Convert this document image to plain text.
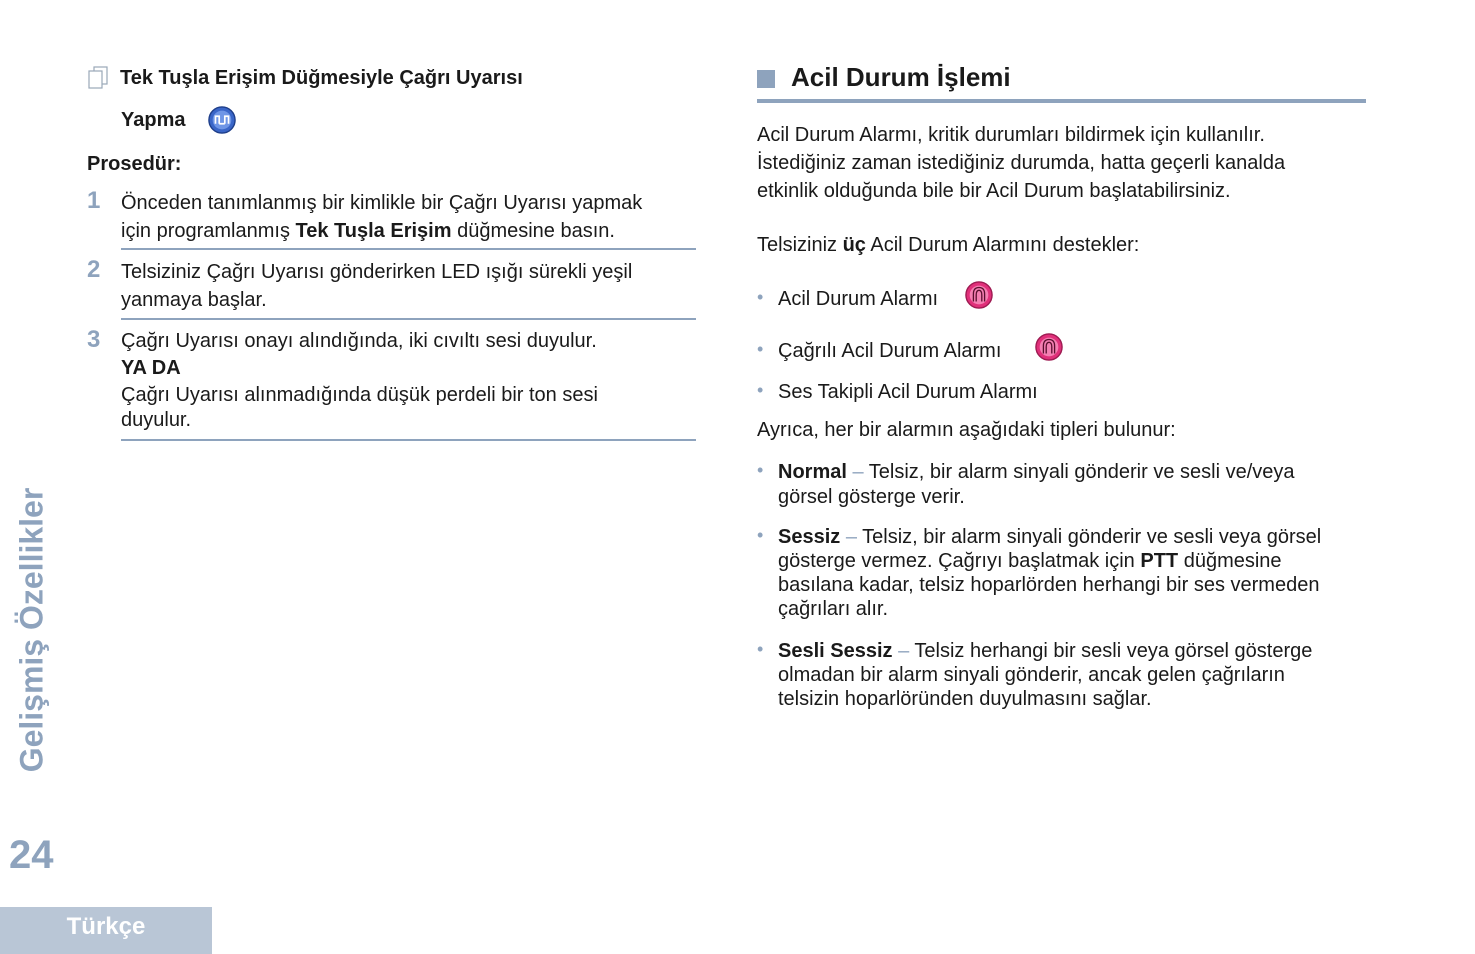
Tek Tuşla Erişim Düğmesiyle Çağrı Uyarısı
Yapma
Prosedür:
1 Önceden tanımlanmış bir kimlikle bir Çağrı Uyarısı yapmak
için programlanmış Tek Tuşla Erişim düğmesine basın.
2 Telsiziniz Çağrı Uyarısı gönderirken LED ışığı sürekli yeşil
yanmaya başlar.
3 Çağrı Uyarısı onayı alındığında, iki cıvıltı sesi duyulur.
YA DA
Çağrı Uyarısı alınmadığında düşük perdeli bir ton sesi
duyulur.
Acil Durum İşlemi
Acil Durum Alarmı, kritik durumları bildirmek için kullanılır.
İstediğiniz zaman istediğiniz durumda, hatta geçerli kanalda
etkinlik olduğunda bile bir Acil Durum başlatabilirsiniz.
Telsiziniz üç Acil Durum Alarmını destekler:
• Acil Durum Alarmı
• Çağrılı Acil Durum Alarmı
• Ses Takipli Acil Durum Alarmı
Ayrıca, her bir alarmın aşağıdaki tipleri bulunur:
• Normal – Telsiz, bir alarm sinyali gönderir ve sesli ve/veya
görsel gösterge verir.
• Sessiz – Telsiz, bir alarm sinyali gönderir ve sesli veya görsel
gösterge vermez. Çağrıyı başlatmak için PTT düğmesine
basılana kadar, telsiz hoparlörden herhangi bir ses vermeden
çağrıları alır.
• Sesli Sessiz – Telsiz herhangi bir sesli veya görsel gösterge
olmadan bir alarm sinyali gönderir, ancak gelen çağrıların
telsizin hoparlöründen duyulmasını sağlar.
Gelişmiş Özellikler
24
Türkçe
